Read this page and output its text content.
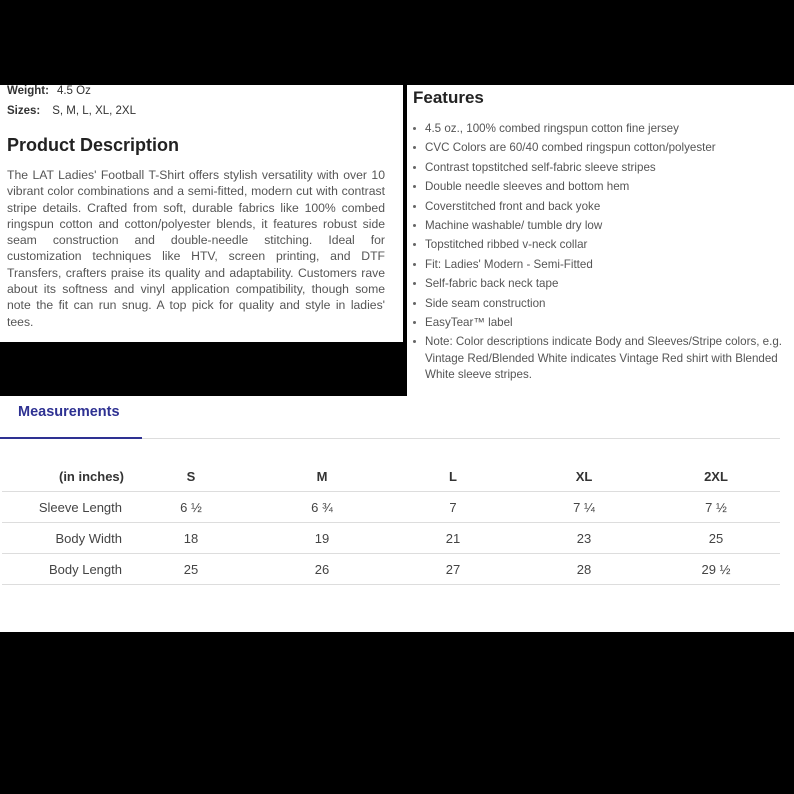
Weight: 4.5 Oz
Sizes: S, M, L, XL, 2XL
Product Description

The LAT Ladies' Football T-Shirt offers stylish versatility with over 10 vibrant color combinations and a semi-fitted, modern cut with contrast stripe details. Crafted from soft, durable fabrics like 100% combed ringspun cotton and cotton/polyester blends, it features robust side seam construction and double-needle stitching. Ideal for customization techniques like HTV, screen printing, and DTF Transfers, crafters praise its quality and adaptability. Customers rave about its softness and vinyl application compatibility, though some note the fit can run snug. A top pick for quality and style in ladies' tees.

Features
4.5 oz., 100% combed ringspun cotton fine jersey
CVC Colors are 60/40 combed ringspun cotton/polyester
Contrast topstitched self-fabric sleeve stripes
Double needle sleeves and bottom hem
Coverstitched front and back yoke
Machine washable/ tumble dry low
Topstitched ribbed v-neck collar
Fit: Ladies' Modern - Semi-Fitted
Self-fabric back neck tape
Side seam construction
EasyTear™ label
Note: Color descriptions indicate Body and Sleeves/Stripe colors, e.g. Vintage Red/Blended White indicates Vintage Red shirt with Blended White sleeve stripes.
Measurements
(in inches)	S	M	L	XL	2XL
Sleeve Length	6 ½	6 ¾	7	7 ¼	7 ½
Body Width	18	19	21	23	25
Body Length	25	26	27	28	29 ½
